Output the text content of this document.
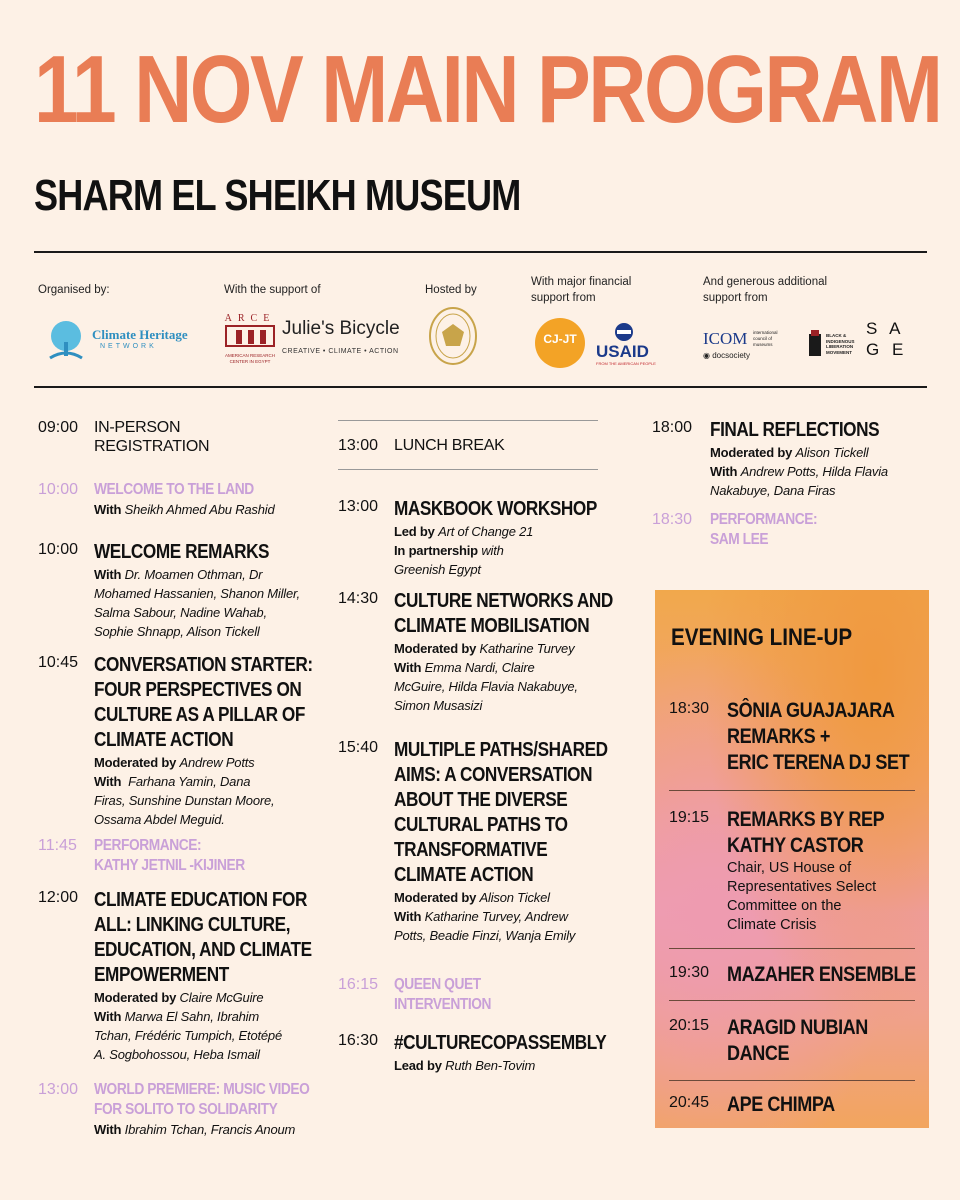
11 NOV MAIN PROGRAM
SHARM EL SHEIKH MUSEUM
Organised by:	With the support of	Hosted by
With major financial
support from
And generous additional
support from
Climate Heritage
NETWORK
ARCE
AMERICAN RESEARCH CENTER IN EGYPT
Julie's Bicycle
CREATIVE • CLIMATE • ACTION
CJ-JT
USAID
FROM THE AMERICAN PEOPLE
ICOM international council of museums
◉ docsociety
BLACK & INDIGENOUS LIBERATION MOVEMENT
S A G E
09:00 IN-PERSON
REGISTRATION
10:00 WELCOME TO THE LAND
With Sheikh Ahmed Abu Rashid
10:00 WELCOME REMARKS
With Dr. Moamen Othman, Dr
Mohamed Hassanien, Shanon Miller,
Salma Sabour, Nadine Wahab,
Sophie Shnapp, Alison Tickell
10:45 CONVERSATION STARTER:
FOUR PERSPECTIVES ON
CULTURE AS A PILLAR OF
CLIMATE ACTION
Moderated by Andrew Potts
With Farhana Yamin, Dana
Firas, Sunshine Dunstan Moore,
Ossama Abdel Meguid.
11:45 PERFORMANCE:
KATHY JETNIL -KIJINER
12:00 CLIMATE EDUCATION FOR
ALL: LINKING CULTURE,
EDUCATION, AND CLIMATE
EMPOWERMENT
Moderated by Claire McGuire
With Marwa El Sahn, Ibrahim
Tchan, Frédéric Tumpich, Etotépé
A. Sogbohossou, Heba Ismail
13:00 WORLD PREMIERE: MUSIC VIDEO
FOR SOLITO TO SOLIDARITY
With Ibrahim Tchan, Francis Anoum
13:00 LUNCH BREAK
13:00 MASKBOOK WORKSHOP
Led by Art of Change 21
In partnership with
Greenish Egypt
14:30 CULTURE NETWORKS AND
CLIMATE MOBILISATION
Moderated by Katharine Turvey
With Emma Nardi, Claire
McGuire, Hilda Flavia Nakabuye,
Simon Musasizi
15:40 MULTIPLE PATHS/SHARED
AIMS: A CONVERSATION
ABOUT THE DIVERSE
CULTURAL PATHS TO
TRANSFORMATIVE
CLIMATE ACTION
Moderated by Alison Tickel
With Katharine Turvey, Andrew
Potts, Beadie Finzi, Wanja Emily
16:15 QUEEN QUET
INTERVENTION
16:30 #CULTURECOPASSEMBLY
Lead by Ruth Ben-Tovim
18:00 FINAL REFLECTIONS
Moderated by Alison Tickell
With Andrew Potts, Hilda Flavia
Nakabuye, Dana Firas
18:30 PERFORMANCE:
SAM LEE
EVENING LINE-UP
18:30 SÔNIA GUAJAJARA
REMARKS +
ERIC TERENA DJ SET
19:15 REMARKS BY REP
KATHY CASTOR
Chair, US House of
Representatives Select
Committee on the
Climate Crisis
19:30 MAZAHER ENSEMBLE
20:15 ARAGID NUBIAN
DANCE
20:45 APE CHIMPA
